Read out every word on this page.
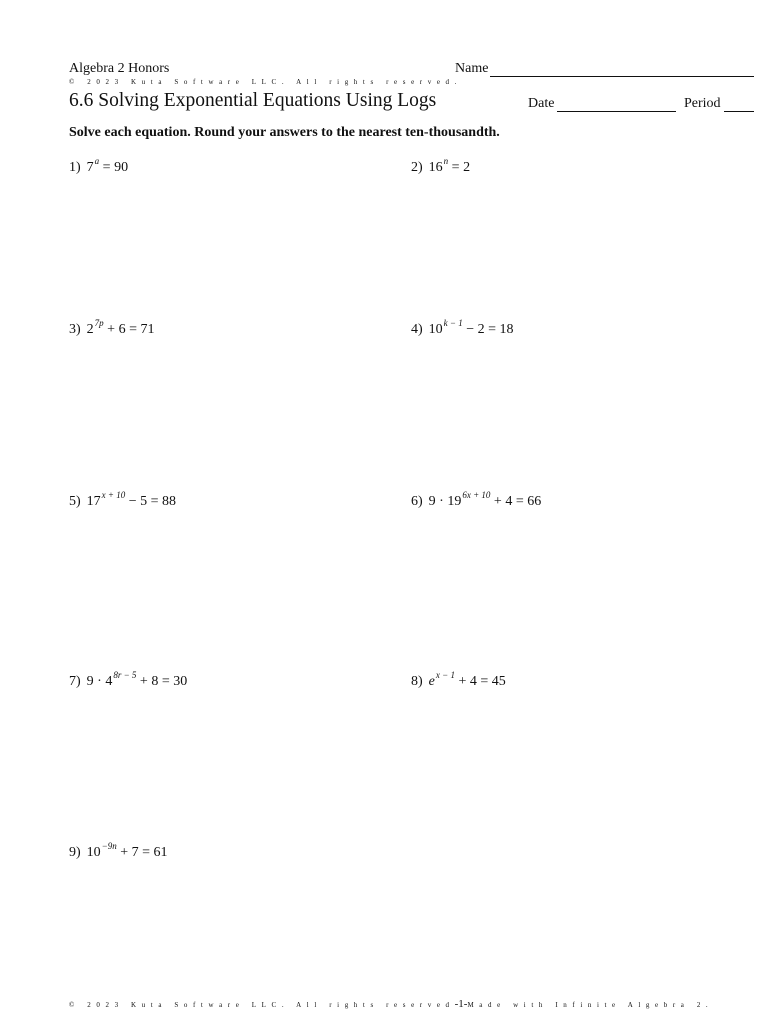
Algebra 2 Honors	Name
© 2023 Kuta Software LLC. All rights reserved.
6.6 Solving Exponential Equations Using Logs	Date	Period
Solve each equation. Round your answers to the nearest ten-thousandth.
1) $7^a = 90$	2) $16^n = 2$
3) $2^{7p} + 6 = 71$	4) $10^{k - 1} - 2 = 18$
5) $17^{x + 10} - 5 = 88$	6) $9 \cdot 19^{6x + 10} + 4 = 66$
7) $9 \cdot 4^{8r - 5} + 8 = 30$	8) $e^{x - 1} + 4 = 45$
9) $10^{-9n} + 7 = 61$
© 2023 Kuta Software LLC. All rights reserved-1-Made with Infinite Algebra 2.
